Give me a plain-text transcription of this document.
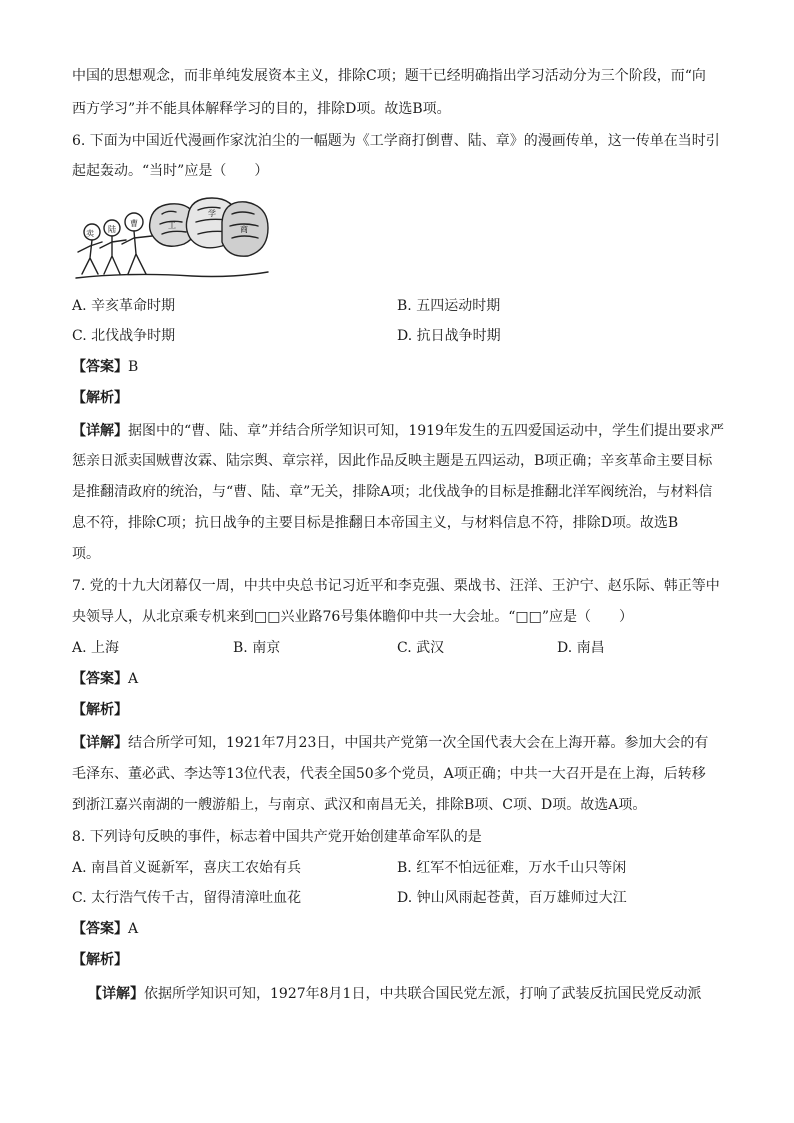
中国的思想观念，而非单纯发展资本主义，排除C项；题干已经明确指出学习活动分为三个阶段，而“向
西方学习”并不能具体解释学习的目的，排除D项。故选B项。
6. 下面为中国近代漫画作家沈泊尘的一幅题为《工学商打倒曹、陆、章》的漫画传单，这一传单在当时引
起起轰动。“当时”应是（　　）
卖 陆
曹	工
学
商
A. 辛亥革命时期	B. 五四运动时期
C. 北伐战争时期	D. 抗日战争时期
【答案】B
【解析】
【详解】据图中的“曹、陆、章”并结合所学知识可知，1919年发生的五四爱国运动中，学生们提出要求严
惩亲日派卖国贼曹汝霖、陆宗舆、章宗祥，因此作品反映主题是五四运动，B项正确；辛亥革命主要目标
是推翻清政府的统治，与“曹、陆、章”无关，排除A项；北伐战争的目标是推翻北洋军阀统治，与材料信
息不符，排除C项；抗日战争的主要目标是推翻日本帝国主义，与材料信息不符，排除D项。故选B
项。
7. 党的十九大闭幕仅一周，中共中央总书记习近平和李克强、栗战书、汪洋、王沪宁、赵乐际、韩正等中
央领导人，从北京乘专机来到□□兴业路76号集体瞻仰中共一大会址。“□□”应是（　　）
A. 上海	B. 南京	C. 武汉	D. 南昌
【答案】A
【解析】
【详解】结合所学可知，1921年7月23日，中国共产党第一次全国代表大会在上海开幕。参加大会的有
毛泽东、董必武、李达等13位代表，代表全国50多个党员，A项正确；中共一大召开是在上海，后转移
到浙江嘉兴南湖的一艘游船上，与南京、武汉和南昌无关，排除B项、C项、D项。故选A项。
8. 下列诗句反映的事件，标志着中国共产党开始创建革命军队的是
A. 南昌首义诞新军，喜庆工农始有兵	B. 红军不怕远征难，万水千山只等闲
C. 太行浩气传千古，留得清漳吐血花	D. 钟山风雨起苍黄，百万雄师过大江
【答案】A
【解析】
【详解】依据所学知识可知，1927年8月1日，中共联合国民党左派，打响了武装反抗国民党反动派
